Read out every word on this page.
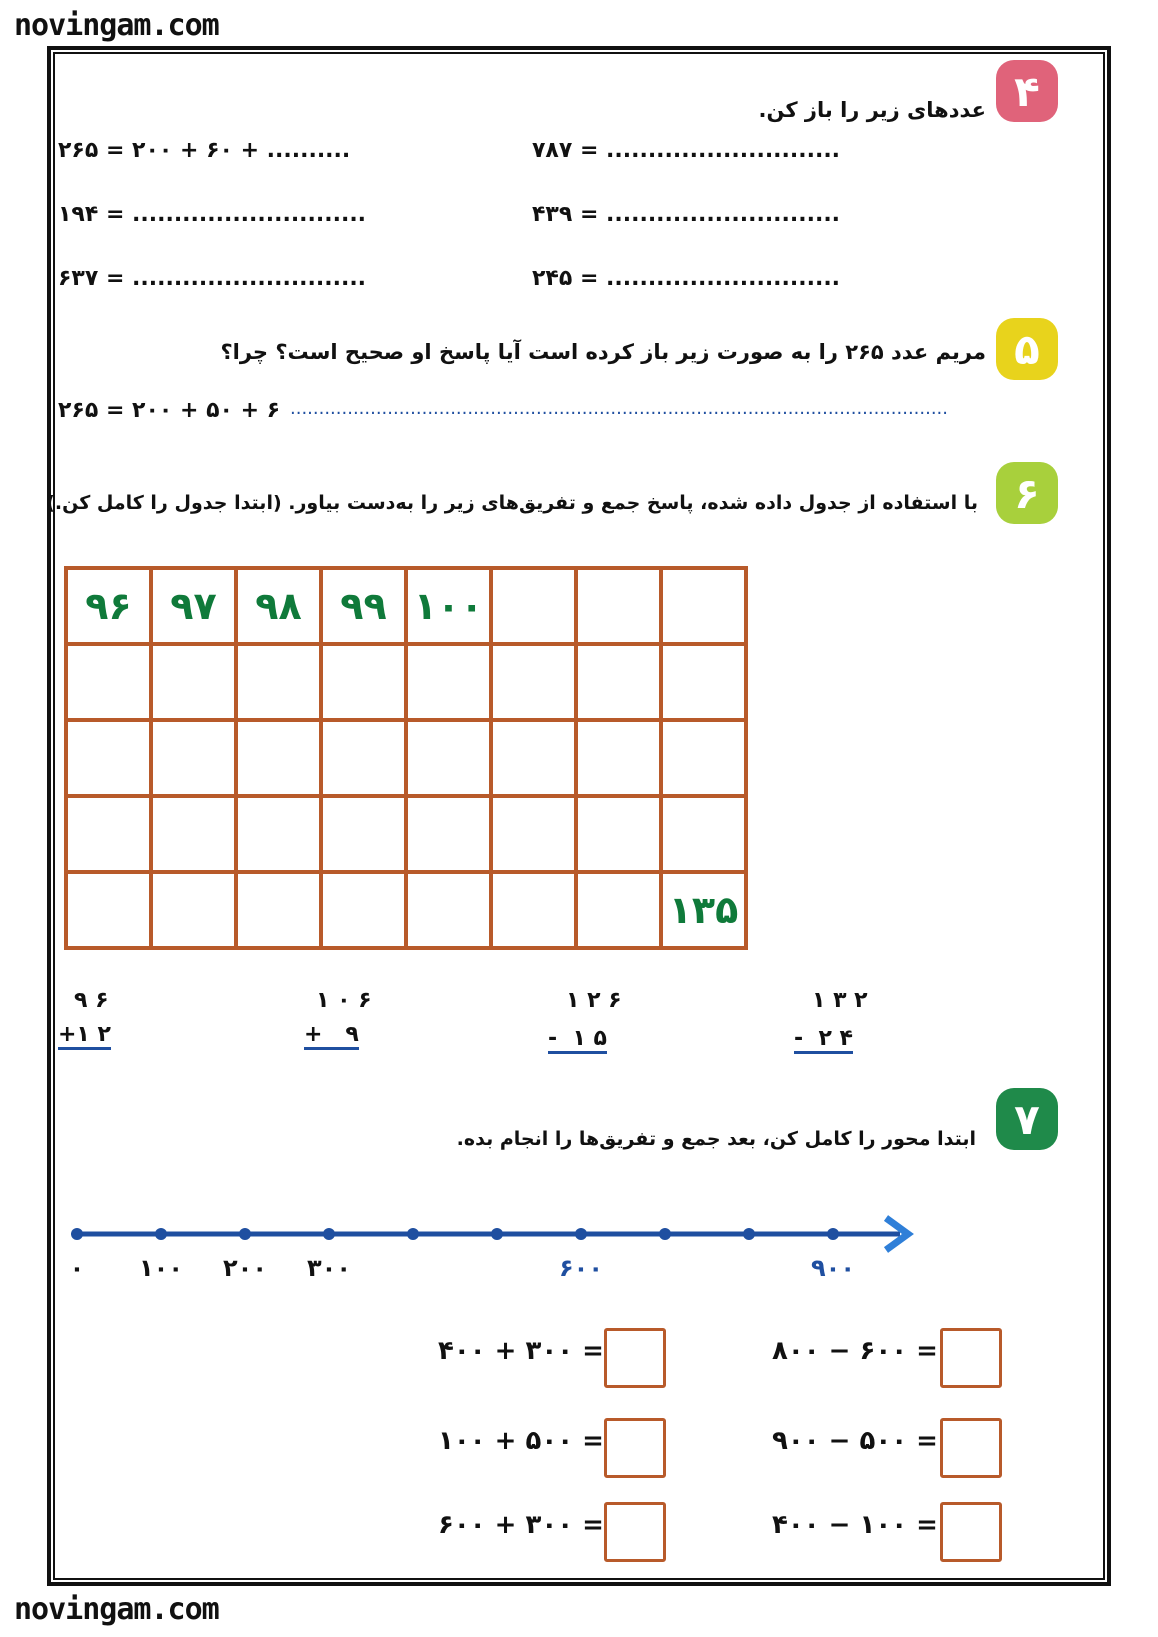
novingam.com
novingam.com
۴
عددهای زیر را باز کن.
۲۶۵ = ۲۰۰ + ۶۰ + ..........	۷۸۷ = ............................
۱۹۴ = ............................	۴۳۹ = ............................
۶۳۷ = ............................	۲۴۵ = ............................
۵
مریم عدد ۲۶۵ را به صورت زیر باز کرده است آیا پاسخ او صحیح است؟ چرا؟
۲۶۵ = ۲۰۰ + ۵۰ + ۶ ...................................................................................................................
۶
با استفاده از جدول داده شده، پاسخ جمع و تفریق‌های زیر را به‌دست بیاور. (ابتدا جدول را کامل کن.)
۹۶	۹۷	۹۸	۹۹	۱۰۰			

							۱۳۵
۹ ۶
+۱ ۲
۱ ۰ ۶
+   ۹
۱ ۲ ۶
-  ۱ ۵
۱ ۳ ۲
-  ۲ ۴
۷
ابتدا محور را کامل کن، بعد جمع و تفریق‌ها را انجام بده.
۰	۱۰۰ ۲۰۰ ۳۰۰	۶۰۰	۹۰۰
۴۰۰ + ۳۰۰ =
۱۰۰ + ۵۰۰ =
۶۰۰ + ۳۰۰ =
۸۰۰ − ۶۰۰ =
۹۰۰ − ۵۰۰ =
۴۰۰ − ۱۰۰ =
